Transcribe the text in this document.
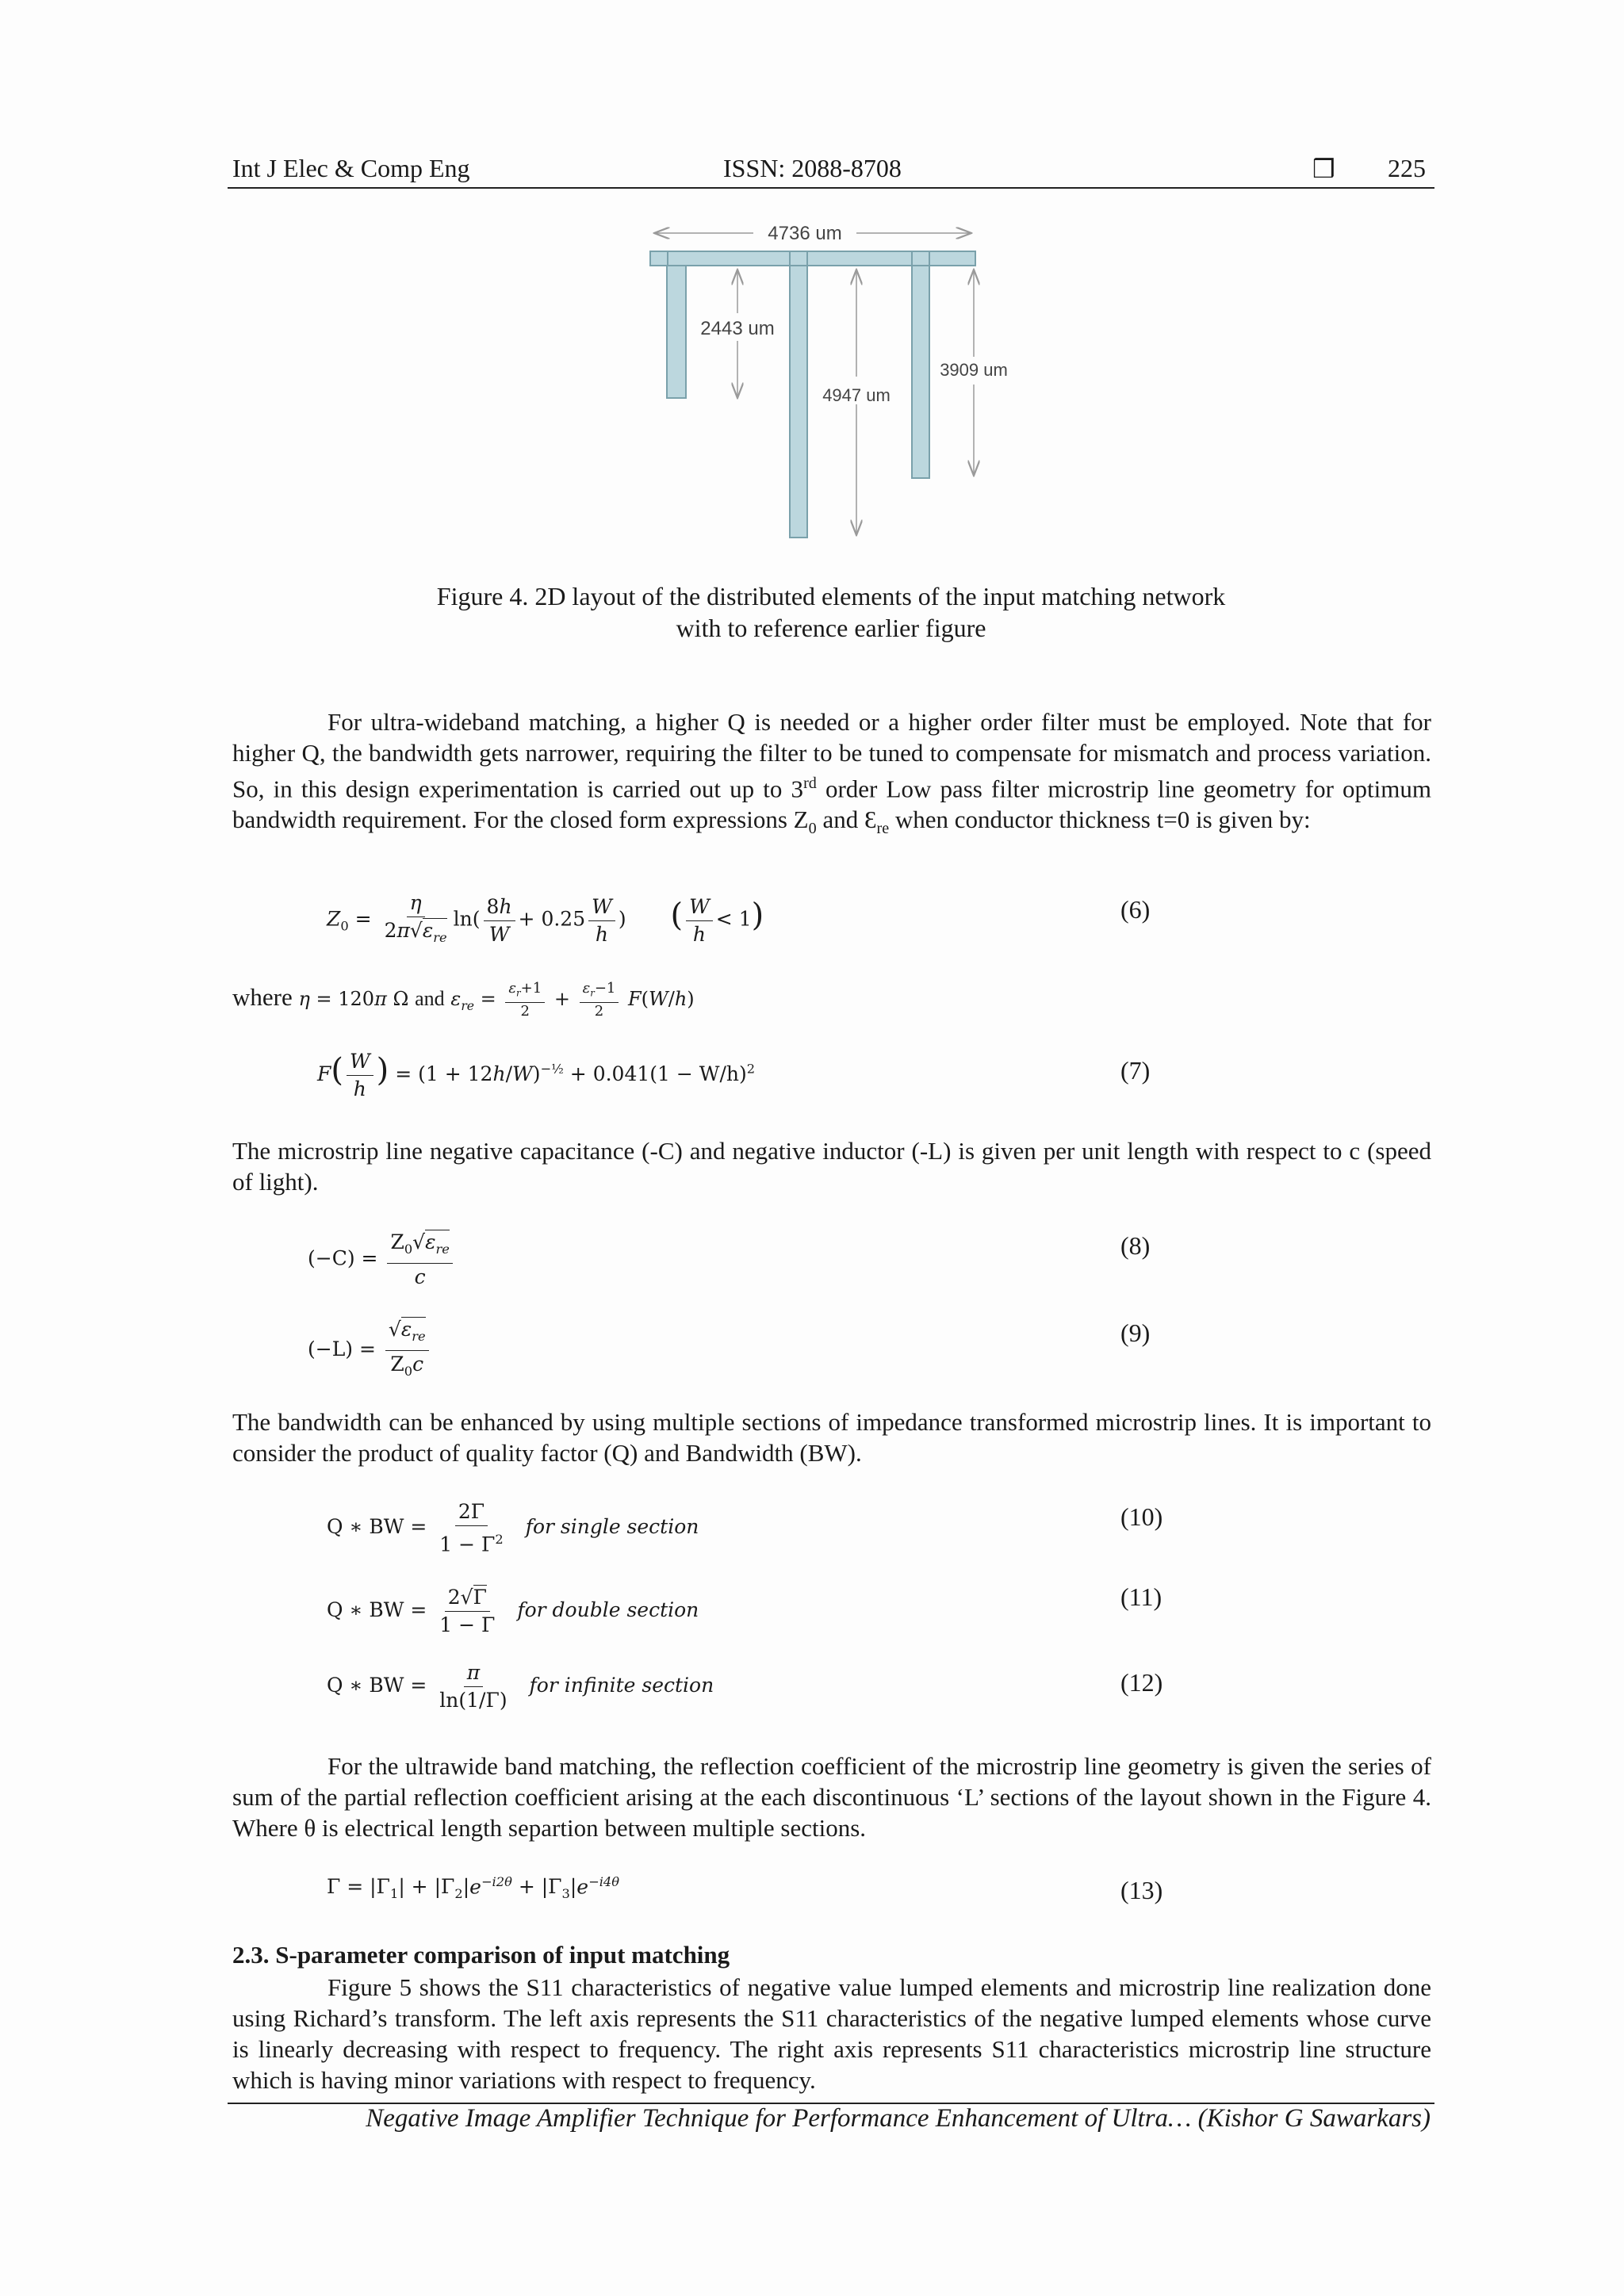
Int J Elec & Comp Eng	ISSN: 2088-8708	❒ 225
4736 um
2443 um
4947 um
3909 um
Figure 4. 2D layout of the distributed elements of the input matching network
with to reference earlier figure
For ultra-wideband matching, a higher Q is needed or a higher order filter must be employed. Note that for higher Q, the bandwidth gets narrower, requiring the filter to be tuned to compensate for mismatch and process variation. So, in this design experimentation is carried out up to 3rd order Low pass filter microstrip line geometry for optimum bandwidth requirement. For the closed form expressions $Z_0$ and $Ɛ_{re}$ when conductor thickness t=0 is given by:
$Z_0 = \frac{\eta}{2\pi√\varepsilon_{re}} \ln( \frac{8h}{W} + 0.25 \frac{W}{h}$ ) ( $\frac{W}{h} < 1$)	(6)
where η = 120π Ω and $\varepsilon_{re} = \frac{\varepsilon_r+1}{2} + \frac{\varepsilon_r-1}{2} F(W/h)$
$F( \frac{W}{h}$ ) = $(1 + 12h/W)^{-\frac{1}{2}} + 0.041(1 - W/h)^2$	(7)
The microstrip line negative capacitance (-C) and negative inductor (-L) is given per unit length with respect to c (speed of light).
$(-C) = \frac{Z_0√\varepsilon_{re}}{c}$	(8)
$(-L) = \frac{√\varepsilon_{re}}{Z_0c}$	(9)
The bandwidth can be enhanced by using multiple sections of impedance transformed microstrip lines. It is important to consider the product of quality factor (Q) and Bandwidth (BW).
Q ∗ BW = $\frac{2\Gamma}{1 - \Gamma^2}$ for single section	(10)
Q ∗ BW = $\frac{2√\Gamma}{1 - \Gamma}$ for double section	(11)
Q ∗ BW = $\frac{\pi}{\ln(1/\Gamma)}$ for infinite section	(12)
For the ultrawide band matching, the reflection coefficient of the microstrip line geometry is given the series of sum of the partial reflection coefficient arising at the each discontinuous ‘L’ sections of the layout shown in the Figure 4. Where θ is electrical length separtion between multiple sections.
$\Gamma = |\Gamma_1| + |\Gamma_2|e^{-i2\theta} + |\Gamma_3|e^{-i4\theta}$	(13)
2.3. S-parameter comparison of input matching
Figure 5 shows the S11 characteristics of negative value lumped elements and microstrip line realization done using Richard’s transform. The left axis represents the S11 characteristics of the negative lumped elements whose curve is linearly decreasing with respect to frequency. The right axis represents S11 characteristics microstrip line structure which is having minor variations with respect to frequency.
Negative Image Amplifier Technique for Performance Enhancement of Ultra… (Kishor G Sawarkars)
